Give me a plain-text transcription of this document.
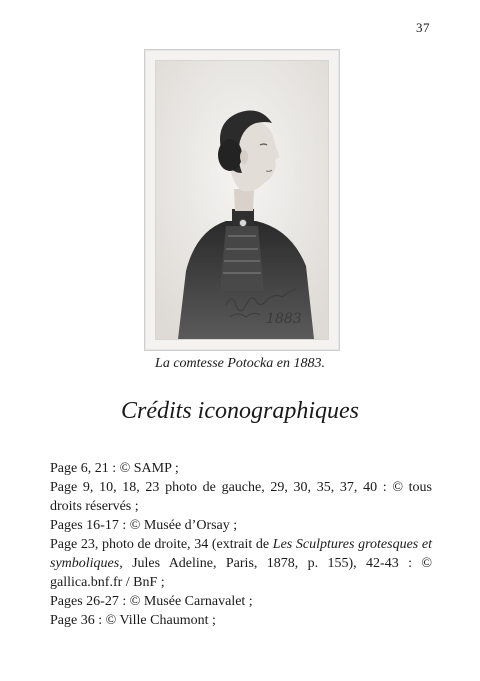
37
1883
La comtesse Potocka en 1883.
Crédits iconographiques

Page 6, 21 : © SAMP ;

Page 9, 10, 18, 23 photo de gauche, 29, 30, 35, 37, 40 : © tous droits réservés ;

Pages 16-17 : © Musée d’Orsay ;

Page 23, photo de droite, 34 (extrait de Les Sculptures grotesques et symboliques, Jules Adeline, Paris, 1878, p. 155), 42-43 : © gallica.bnf.fr / BnF ;

Pages 26-27 : © Musée Carnavalet ;

Page 36 : © Ville Chaumont ;
